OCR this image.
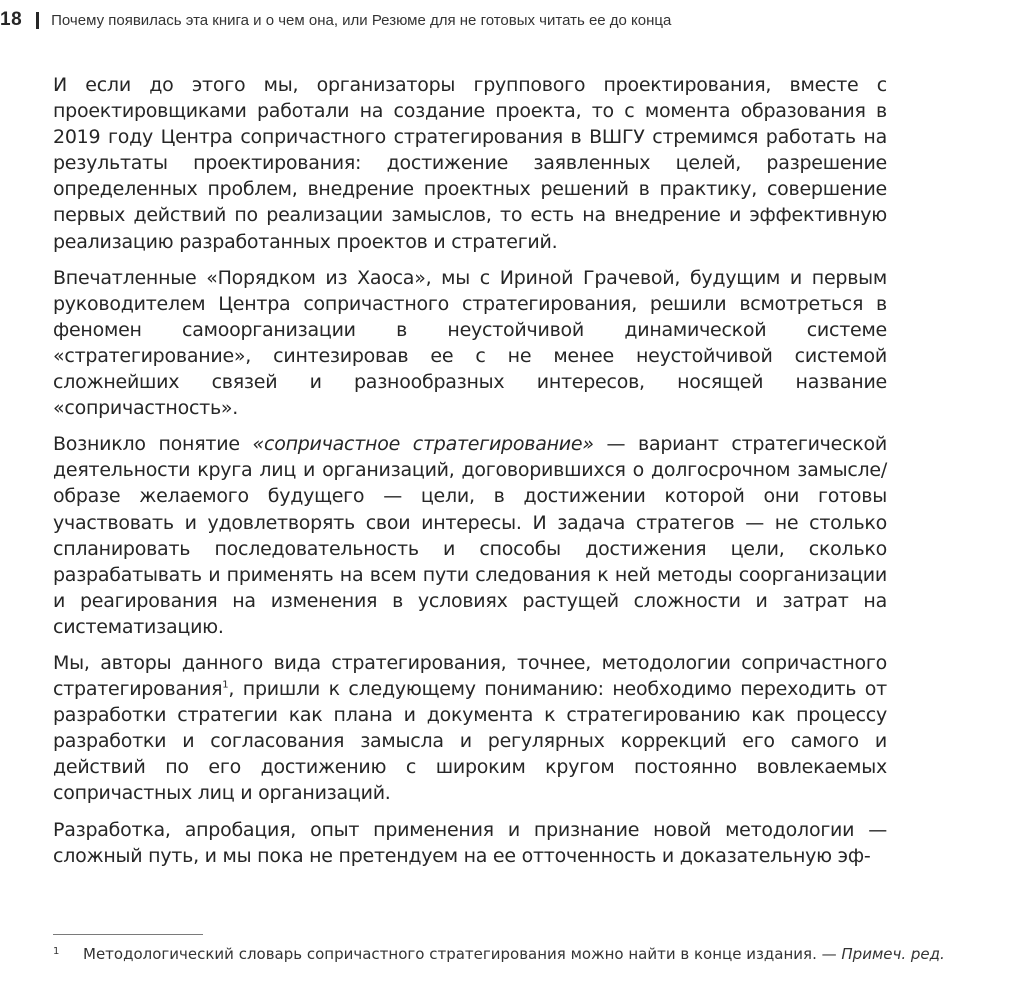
18 Почему появилась эта книга и о чем она, или Резюме для не готовых читать ее до конца

И если до этого мы, организаторы группового проектирования, вместе с проектировщиками работали на создание проекта, то с момента образования в 2019 году Центра сопричастного стратегирования в ВШГУ стремимся работать на результаты проектирования: достижение заявленных целей, разрешение определенных проблем, внедрение проектных решений в практику, совершение первых действий по реализации замыслов, то есть на внедрение и эффективную реализацию разработанных проектов и стратегий.

Впечатленные «Порядком из Хаоса», мы с Ириной Грачевой, будущим и первым руководителем Центра сопричастного стратегирования, решили всмотреться в феномен самоорганизации в неустойчивой динамической системе «стратегирование», синтезировав ее с не менее неустойчивой системой сложнейших связей и разнообразных интересов, носящей название «сопричастность».

Возникло понятие «сопричастное стратегирование» — вариант стратегической деятельности круга лиц и организаций, договорившихся о долгосрочном замысле/образе желаемого будущего — цели, в достижении которой они готовы участвовать и удовлетворять свои интересы. И задача стратегов — не столько спланировать последовательность и способы достижения цели, сколько разрабатывать и применять на всем пути следования к ней методы соорганизации и реагирования на изменения в условиях растущей сложности и затрат на систематизацию.

Мы, авторы данного вида стратегирования, точнее, методологии сопричастного стратегирования$^1$, пришли к следующему пониманию: необходимо переходить от разработки стратегии как плана и документа к стратегированию как процессу разработки и согласования замысла и регулярных коррекций его самого и действий по его достижению с широким кругом постоянно вовлекаемых сопричастных лиц и организаций.

Разработка, апробация, опыт применения и признание новой методологии — сложный путь, и мы пока не претендуем на ее отточенность и доказательную эф-

1 Методологический словарь сопричастного стратегирования можно найти в конце издания. — Примеч. ред.
